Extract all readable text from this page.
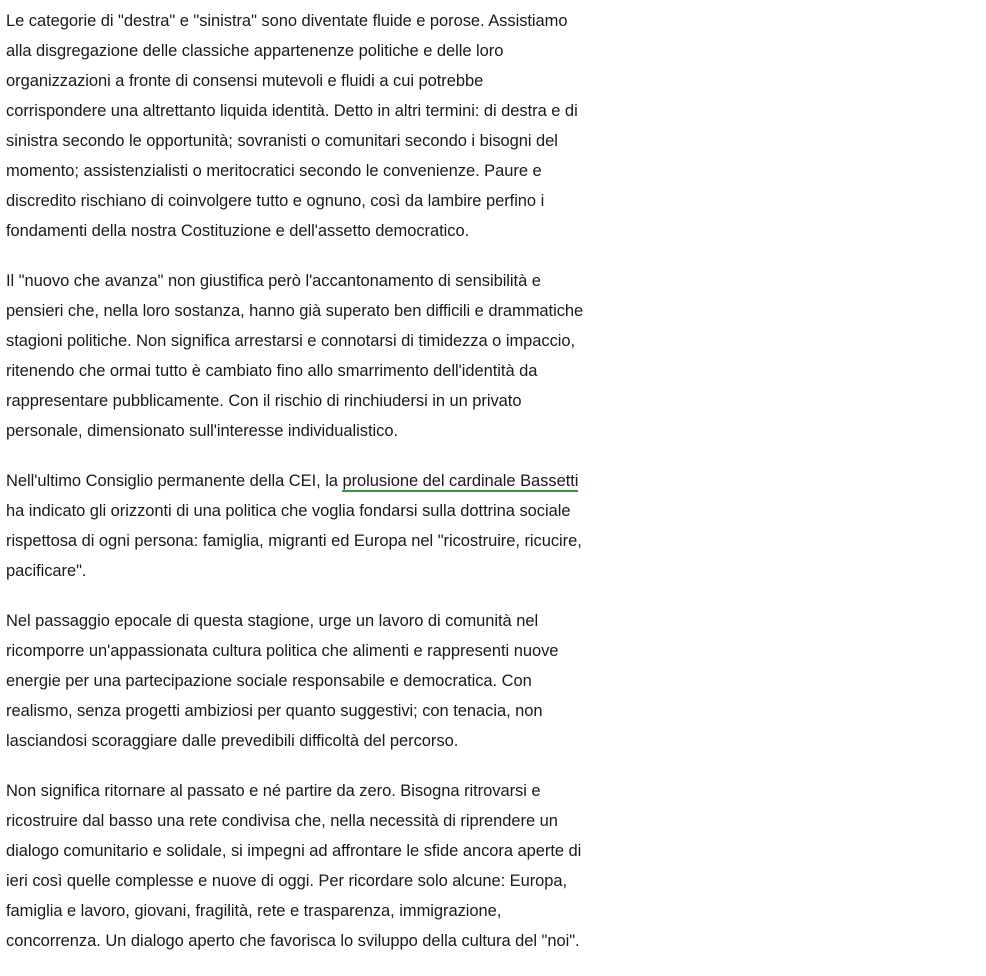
Le categorie di "destra" e "sinistra" sono diventate fluide e porose. Assistiamo
alla disgregazione delle classiche appartenenze politiche e delle loro
organizzazioni a fronte di consensi mutevoli e fluidi a cui potrebbe
corrispondere una altrettanto liquida identità. Detto in altri termini: di destra e di
sinistra secondo le opportunità; sovranisti o comunitari secondo i bisogni del
momento; assistenzialisti o meritocratici secondo le convenienze. Paure e
discredito rischiano di coinvolgere tutto e ognuno, così da lambire perfino i
fondamenti della nostra Costituzione e dell'assetto democratico.

Il "nuovo che avanza" non giustifica però l'accantonamento di sensibilità e
pensieri che, nella loro sostanza, hanno già superato ben difficili e drammatiche
stagioni politiche. Non significa arrestarsi e connotarsi di timidezza o impaccio,
ritenendo che ormai tutto è cambiato fino allo smarrimento dell'identità da
rappresentare pubblicamente. Con il rischio di rinchiudersi in un privato
personale, dimensionato sull'interesse individualistico.

Nell'ultimo Consiglio permanente della CEI, la prolusione del cardinale Bassetti
ha indicato gli orizzonti di una politica che voglia fondarsi sulla dottrina sociale
rispettosa di ogni persona: famiglia, migranti ed Europa nel "ricostruire, ricucire,
pacificare".

Nel passaggio epocale di questa stagione, urge un lavoro di comunità nel
ricomporre un'appassionata cultura politica che alimenti e rappresenti nuove
energie per una partecipazione sociale responsabile e democratica. Con
realismo, senza progetti ambiziosi per quanto suggestivi; con tenacia, non
lasciandosi scoraggiare dalle prevedibili difficoltà del percorso.

Non significa ritornare al passato e né partire da zero. Bisogna ritrovarsi e
ricostruire dal basso una rete condivisa che, nella necessità di riprendere un
dialogo comunitario e solidale, si impegni ad affrontare le sfide ancora aperte di
ieri così quelle complesse e nuove di oggi. Per ricordare solo alcune: Europa,
famiglia e lavoro, giovani, fragilità, rete e trasparenza, immigrazione,
concorrenza. Un dialogo aperto che favorisca lo sviluppo della cultura del "noi".
